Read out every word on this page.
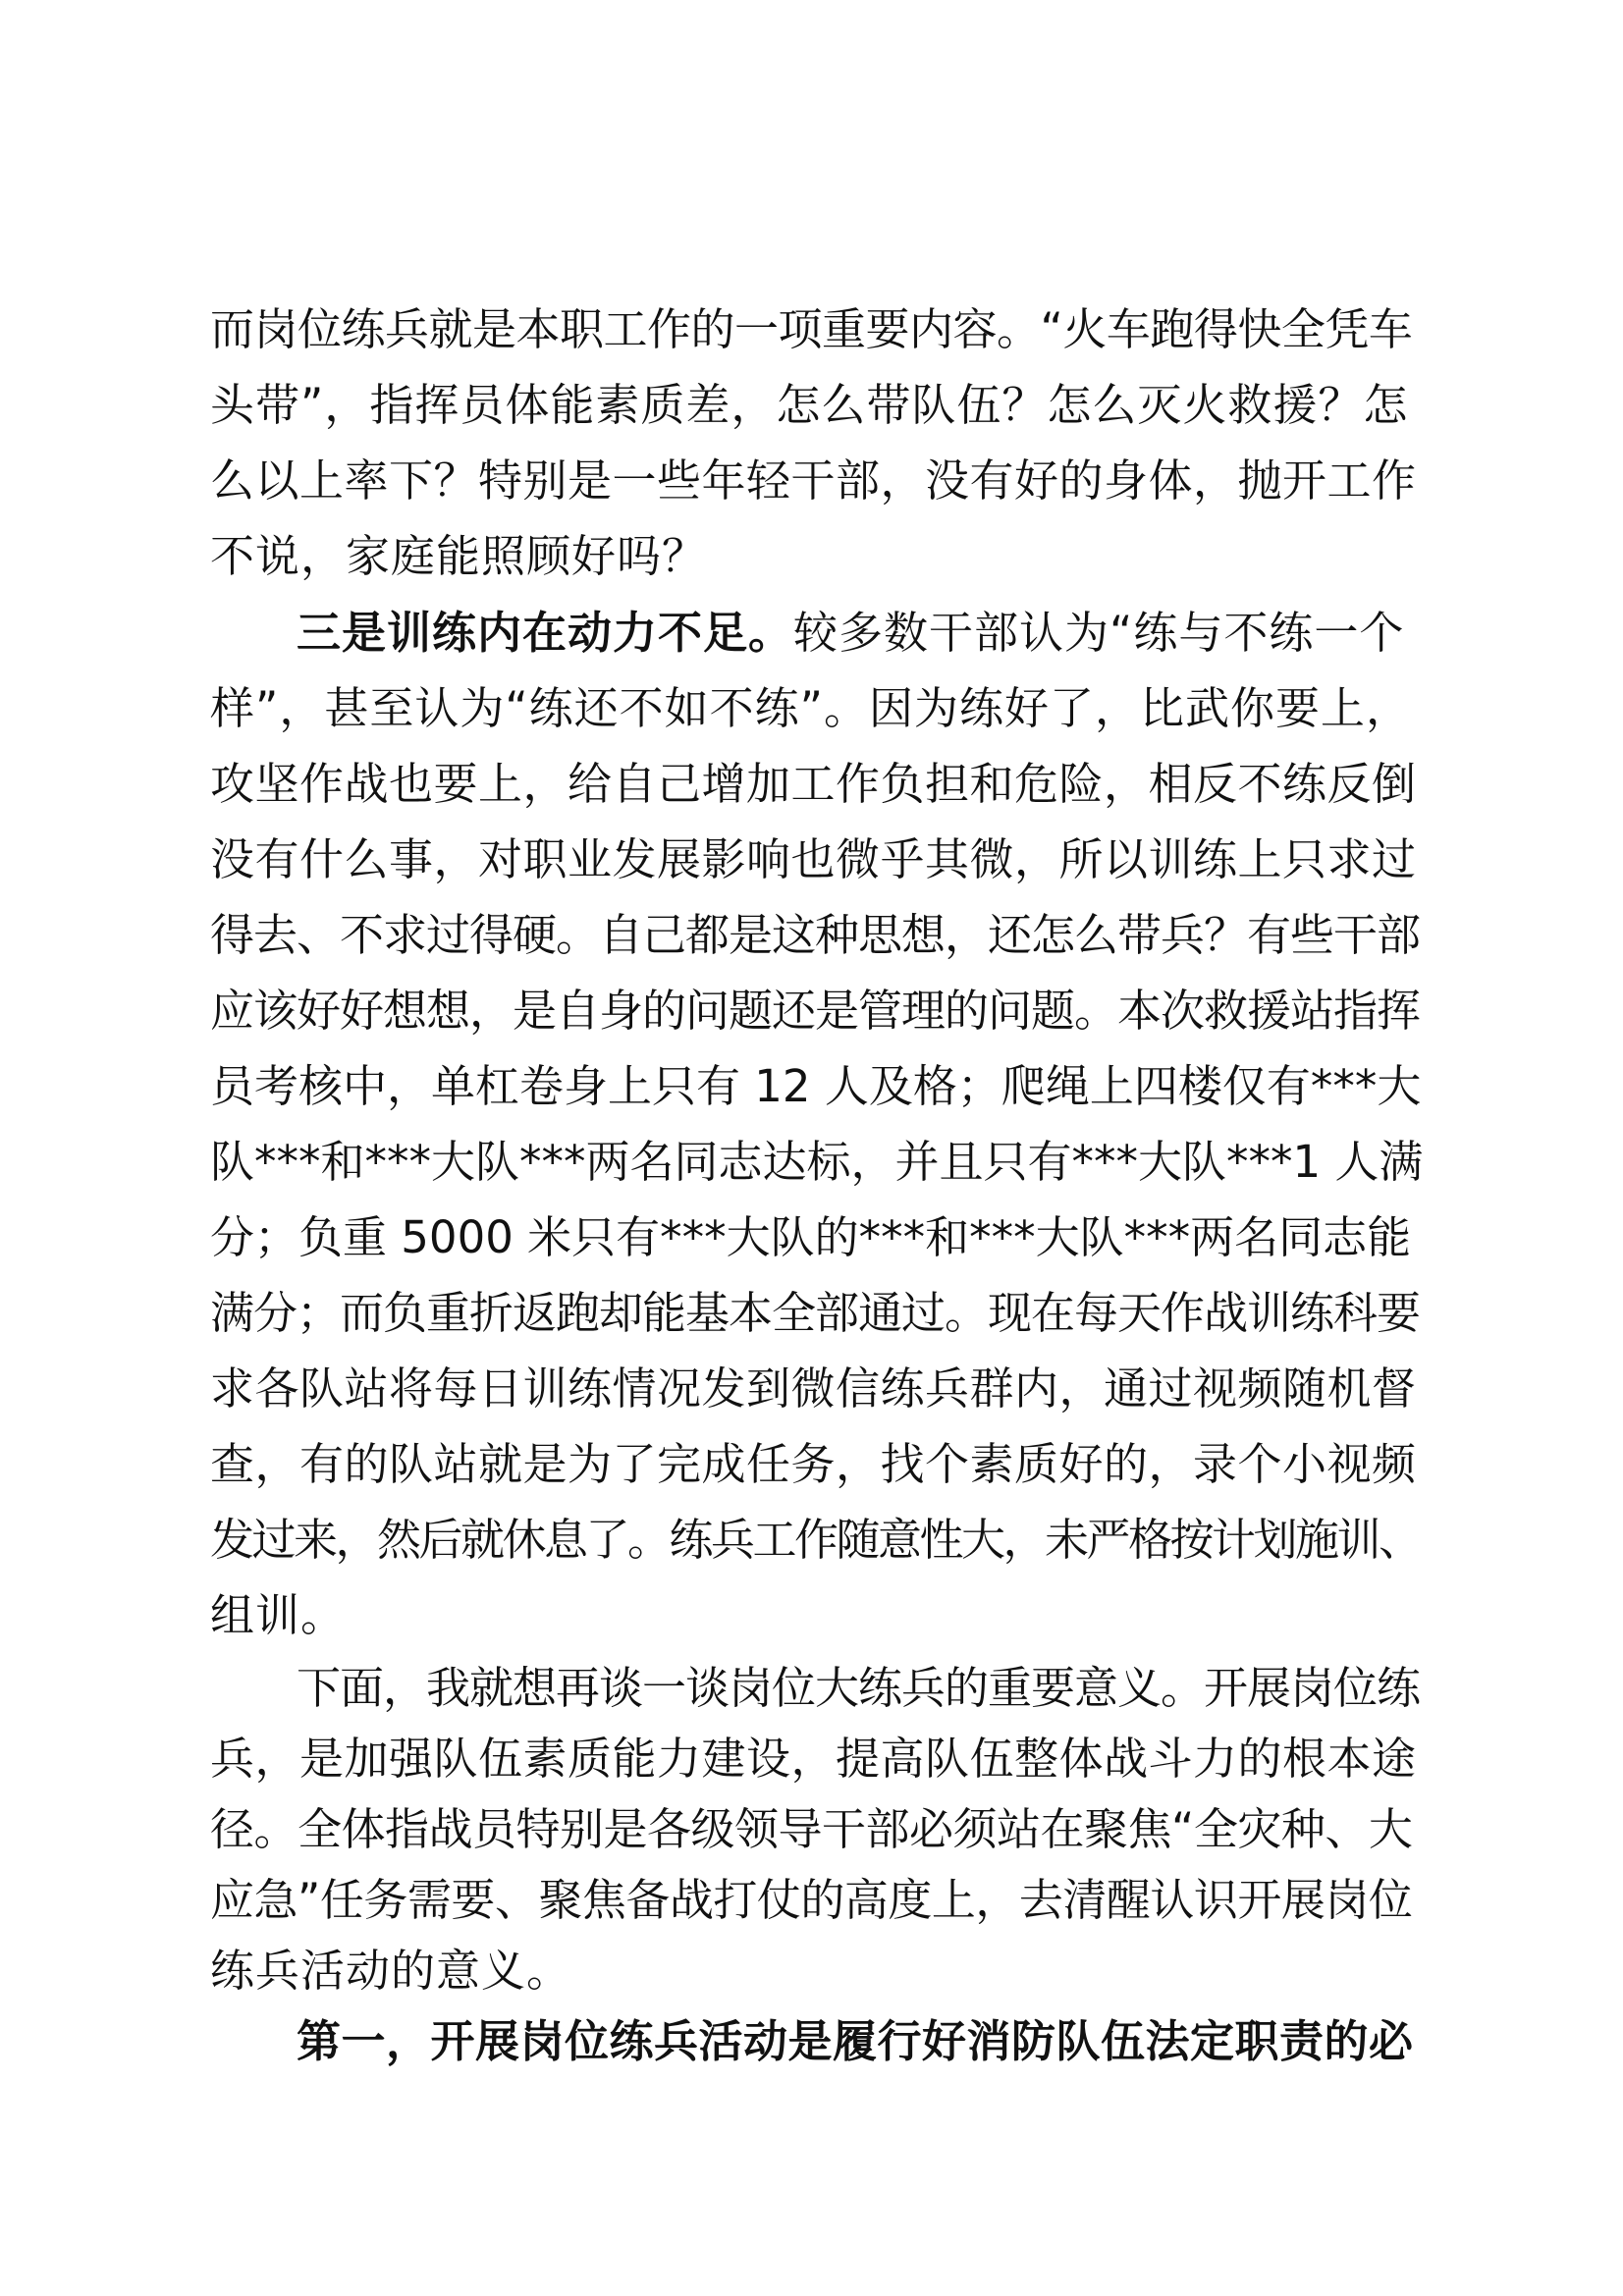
而岗位练兵就是本职工作的一项重要内容。“火车跑得快全凭车
头带”，指挥员体能素质差，怎么带队伍？怎么灭火救援？怎
么以上率下？特别是一些年轻干部，没有好的身体，抛开工作
不说，家庭能照顾好吗？
三是训练内在动力不足。较多数干部认为“练与不练一个
样”，甚至认为“练还不如不练”。因为练好了，比武你要上，
攻坚作战也要上，给自己增加工作负担和危险，相反不练反倒
没有什么事，对职业发展影响也微乎其微，所以训练上只求过
得去、不求过得硬。自己都是这种思想，还怎么带兵？有些干部
应该好好想想，是自身的问题还是管理的问题。本次救援站指挥
员考核中，单杠卷身上只有 12 人及格；爬绳上四楼仅有***大
队***和***大队***两名同志达标，并且只有***大队***1 人满
分；负重 5000 米只有***大队的***和***大队***两名同志能
满分；而负重折返跑却能基本全部通过。现在每天作战训练科要
求各队站将每日训练情况发到微信练兵群内，通过视频随机督
查，有的队站就是为了完成任务，找个素质好的，录个小视频
发过来，然后就休息了。练兵工作随意性大，未严格按计划施训、
组训。
下面，我就想再谈一谈岗位大练兵的重要意义。开展岗位练
兵，是加强队伍素质能力建设，提高队伍整体战斗力的根本途
径。全体指战员特别是各级领导干部必须站在聚焦“全灾种、大
应急”任务需要、聚焦备战打仗的高度上，去清醒认识开展岗位
练兵活动的意义。
第一，开展岗位练兵活动是履行好消防队伍法定职责的必
